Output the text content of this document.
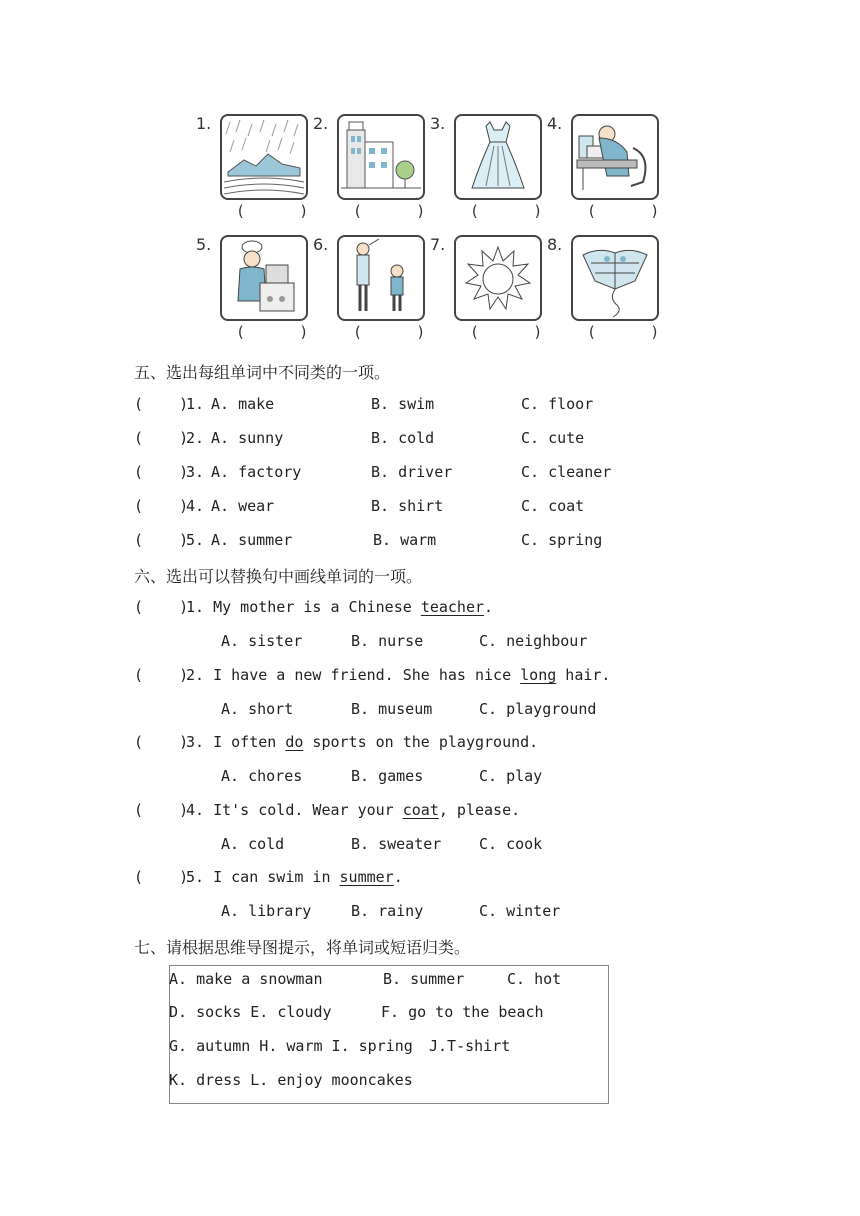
1.
(      )
2.
(      )
3.
(      )
4.
(      )
5.
(      )
6.
(      )
7.
(      )
8.
(      )
五、选出每组单词中不同类的一项。
(    )
1. A. make	B. swim	C. floor
(    )
2. A. sunny	B. cold	C. cute
(    )
3. A. factory	B. driver	C. cleaner
(    )
4. A. wear	B. shirt	C. coat
(    )
5. A. summer	B. warm	C. spring
六、选出可以替换句中画线单词的一项。
(    )
1. My mother is a Chinese teacher.
A. sister	B. nurse	C. neighbour
(    )
2. I have a new friend. She has nice long hair.
A. short	B. museum	C. playground
(    )
3. I often do sports on the playground.
A. chores	B. games	C. play
(    )
4. It's cold. Wear your coat, please.
A. cold	B. sweater	C. cook
(    )
5. I can swim in summer.
A. library	B. rainy	C. winter
七、请根据思维导图提示，将单词或短语归类。
A. make a snowman	B. summer	C. hot
D. socks E. cloudy	F. go to the beach
G. autumn H. warm I. spring J.T-shirt
K. dress L. enjoy mooncakes
